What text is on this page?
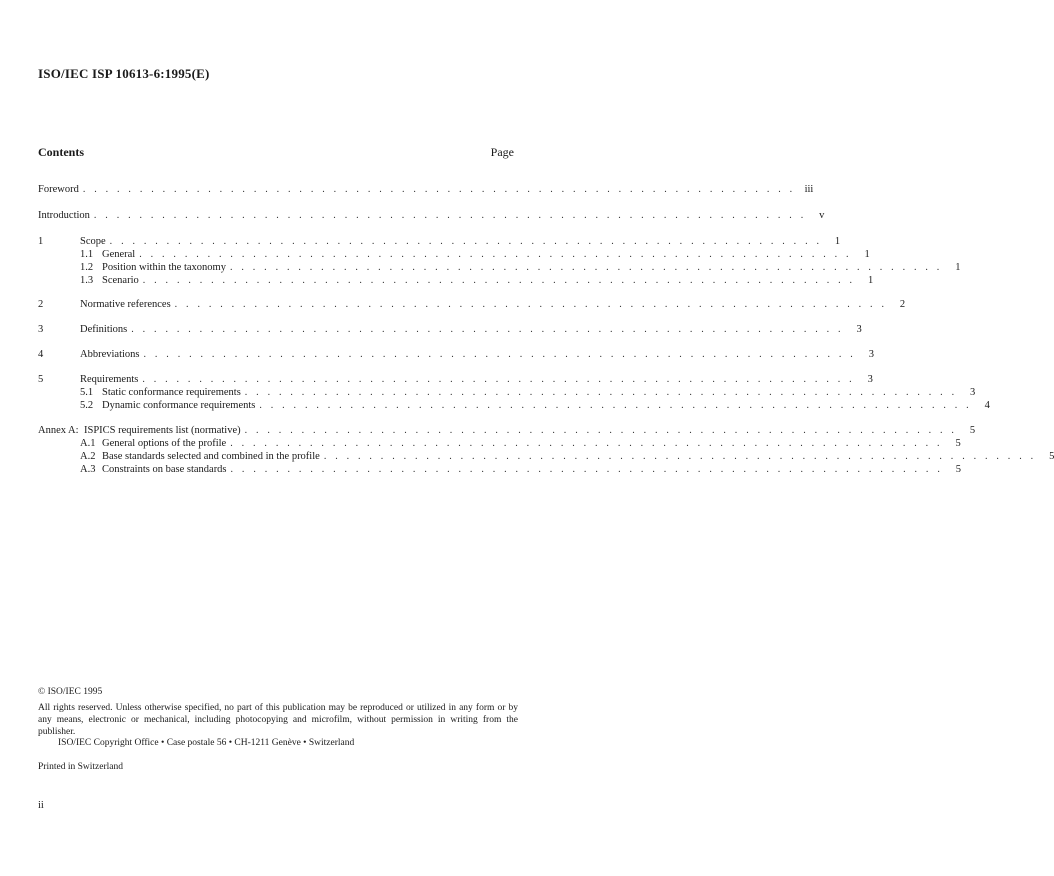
ISO/IEC ISP 10613-6:1995(E)
Contents	Page
Foreword . . . . . . . . . . . . . . . . . . . . . . . . . . . . . . . . . . . . . . . . . . . . . . . . . . . . . . . . . . . . . . . iii
Introduction . . . . . . . . . . . . . . . . . . . . . . . . . . . . . . . . . . . . . . . . . . . . . . . . . . . . . . . . . . . . . . .	v
1	Scope . . . . . . . . . . . . . . . . . . . . . . . . . . . . . . . . . . . . . . . . . . . . . . . . . . . . . . . . . . . . . . .	1
1.1 General . . . . . . . . . . . . . . . . . . . . . . . . . . . . . . . . . . . . . . . . . . . . . . . . . . . . . . . . . . . . . . .	1
1.2 Position within the taxonomy . . . . . . . . . . . . . . . . . . . . . . . . . . . . . . . . . . . . . . . . . . . . . . . . . . . . . . . . . . . . . . .	1
1.3 Scenario . . . . . . . . . . . . . . . . . . . . . . . . . . . . . . . . . . . . . . . . . . . . . . . . . . . . . . . . . . . . . . .	1
2	Normative references . . . . . . . . . . . . . . . . . . . . . . . . . . . . . . . . . . . . . . . . . . . . . . . . . . . . . . . . . . . . . . .	2
3	Definitions . . . . . . . . . . . . . . . . . . . . . . . . . . . . . . . . . . . . . . . . . . . . . . . . . . . . . . . . . . . . . . .	3
4	Abbreviations . . . . . . . . . . . . . . . . . . . . . . . . . . . . . . . . . . . . . . . . . . . . . . . . . . . . . . . . . . . . . . .	3
5	Requirements . . . . . . . . . . . . . . . . . . . . . . . . . . . . . . . . . . . . . . . . . . . . . . . . . . . . . . . . . . . . . . .	3
5.1 Static conformance requirements . . . . . . . . . . . . . . . . . . . . . . . . . . . . . . . . . . . . . . . . . . . . . . . . . . . . . . . . . . . . . . .	3
5.2 Dynamic conformance requirements . . . . . . . . . . . . . . . . . . . . . . . . . . . . . . . . . . . . . . . . . . . . . . . . . . . . . . . . . . . . . . .	4
Annex A: ISPICS requirements list (normative) . . . . . . . . . . . . . . . . . . . . . . . . . . . . . . . . . . . . . . . . . . . . . . . . . . . . . . . . . . . . . . .	5
A.1 General options of the profile . . . . . . . . . . . . . . . . . . . . . . . . . . . . . . . . . . . . . . . . . . . . . . . . . . . . . . . . . . . . . . .	5
A.2 Base standards selected and combined in the profile . . . . . . . . . . . . . . . . . . . . . . . . . . . . . . . . . . . . . . . . . . . . . . . . . . . . . . . . . . . . . . .	5
A.3 Constraints on base standards . . . . . . . . . . . . . . . . . . . . . . . . . . . . . . . . . . . . . . . . . . . . . . . . . . . . . . . . . . . . . . .	5
© ISO/IEC 1995
All rights reserved. Unless otherwise specified, no part of this publication may be reproduced or utilized in any form or by any means, electronic or mechanical, including photocopying and microfilm, without permission in writing from the publisher.
ISO/IEC Copyright Office • Case postale 56 • CH-1211 Genève • Switzerland
Printed in Switzerland
ii
